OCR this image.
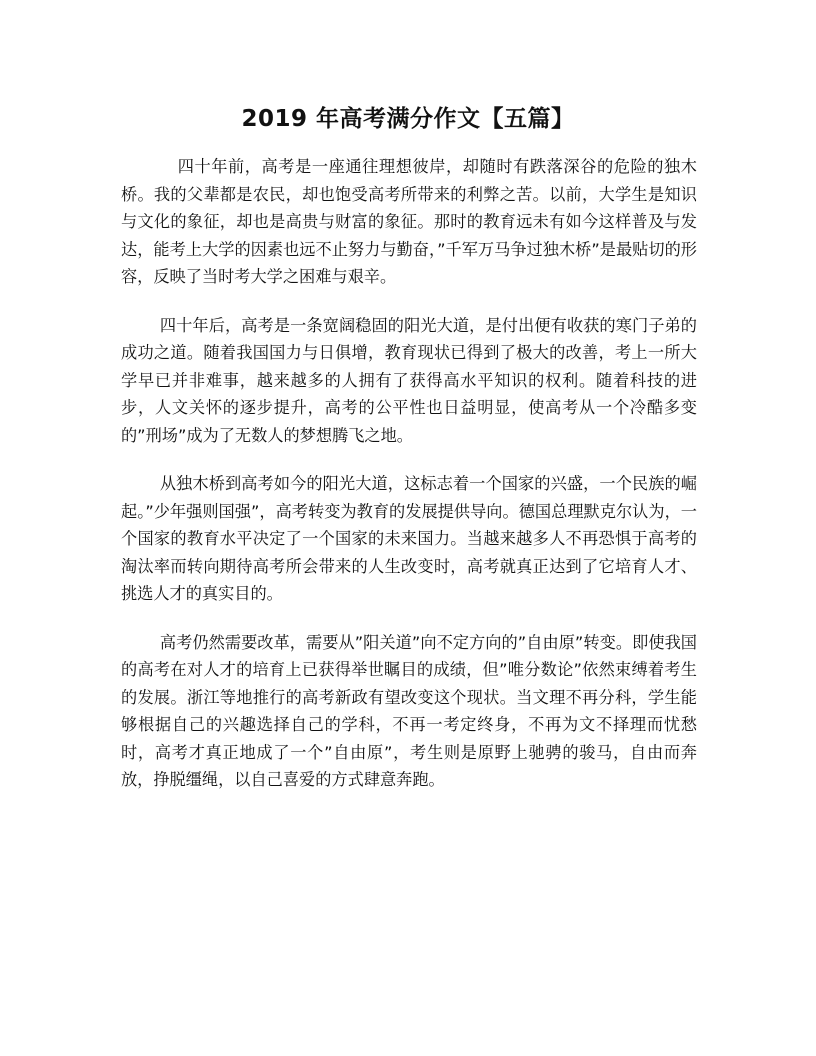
2019 年高考满分作文【五篇】

四十年前，高考是一座通往理想彼岸，却随时有跌落深谷的危险的独木桥。我的父辈都是农民，却也饱受高考所带来的利弊之苦。以前，大学生是知识与文化的象征，却也是高贵与财富的象征。那时的教育远未有如今这样普及与发达，能考上大学的因素也远不止努力与勤奋，”千军万马争过独木桥”是最贴切的形容，反映了当时考大学之困难与艰辛。

四十年后，高考是一条宽阔稳固的阳光大道，是付出便有收获的寒门子弟的成功之道。随着我国国力与日俱增，教育现状已得到了极大的改善，考上一所大学早已并非难事，越来越多的人拥有了获得高水平知识的权利。随着科技的进步，人文关怀的逐步提升，高考的公平性也日益明显，使高考从一个冷酷多变的”刑场”成为了无数人的梦想腾飞之地。

从独木桥到高考如今的阳光大道，这标志着一个国家的兴盛，一个民族的崛起。”少年强则国强”，高考转变为教育的发展提供导向。德国总理默克尔认为，一个国家的教育水平决定了一个国家的未来国力。当越来越多人不再恐惧于高考的淘汰率而转向期待高考所会带来的人生改变时，高考就真正达到了它培育人才、挑选人才的真实目的。

高考仍然需要改革，需要从”阳关道”向不定方向的”自由原”转变。即使我国的高考在对人才的培育上已获得举世瞩目的成绩，但”唯分数论”依然束缚着考生的发展。浙江等地推行的高考新政有望改变这个现状。当文理不再分科，学生能够根据自己的兴趣选择自己的学科，不再一考定终身，不再为文不择理而忧愁时，高考才真正地成了一个”自由原”，考生则是原野上驰骋的骏马，自由而奔放，挣脱缰绳，以自己喜爱的方式肆意奔跑。
